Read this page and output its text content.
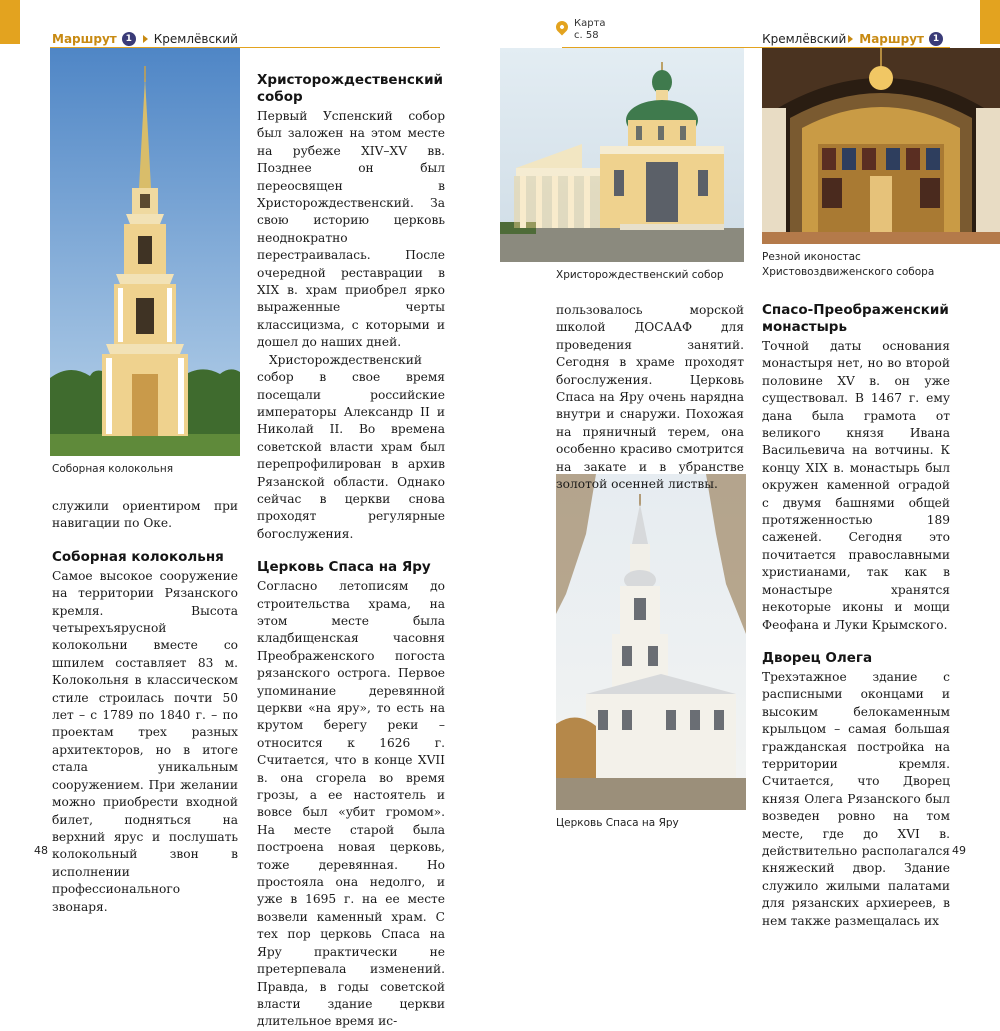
Маршрут 1	Кремлёвский	Кремлёвский Маршрут 1
Карта
с. 58
Соборная колокольня
Христорождественский собор
Резной иконостас
Христовоздвиженского собора
Церковь Спаса на Яру

служили ориентиром при навигации по Оке.

Соборная колокольня

Самое высокое сооружение на территории Рязанского кремля. Высота четырехъярусной колокольни вместе со шпилем составляет 83 м. Колокольня в классическом стиле строилась почти 50 лет – с 1789 по 1840 г. – по проектам трех разных архитекторов, но в итоге стала уникальным сооружением. При желании можно приобрести входной билет, подняться на верхний ярус и послушать колокольный звон в исполнении профессионального звонаря.

Христорождественский собор

Первый Успенский собор был заложен на этом месте на рубеже XIV–XV вв. Позднее он был переосвящен в Христорождественский. За свою историю церковь неоднократно перестраивалась. После очередной реставрации в XIX в. храм приобрел ярко выраженные черты классицизма, с которыми и дошел до наших дней.

Христорождественский собор в свое время посещали российские императоры Александр II и Николай II. Во времена советской власти храм был перепрофилирован в архив Рязанской области. Однако сейчас в церкви снова проходят регулярные богослужения.

Церковь Спаса на Яру

Согласно летописям до строительства храма, на этом месте была кладбищенская часовня Преображенского погоста рязанского острога. Первое упоминание деревянной церкви «на яру», то есть на крутом берегу реки – относится к 1626 г. Считается, что в конце XVII в. она сгорела во время грозы, а ее настоятель и вовсе был «убит громом». На месте старой была построена новая церковь, тоже деревянная. Но простояла она недолго, и уже в 1695 г. на ее месте возвели каменный храм. С тех пор церковь Спаса на Яру практически не претерпевала изменений. Правда, в годы советской власти здание церкви длительное время ис-

пользовалось морской школой ДОСААФ для проведения занятий. Сегодня в храме проходят богослужения. Церковь Спаса на Яру очень нарядна внутри и снаружи. Похожая на пряничный терем, она особенно красиво смотрится на закате и в убранстве золотой осенней листвы.

Спасо-Преображенский монастырь

Точной даты основания монастыря нет, но во второй половине XV в. он уже существовал. В 1467 г. ему дана была грамота от великого князя Ивана Васильевича на вотчины. К концу XIX в. монастырь был окружен каменной оградой с двумя башнями общей протяженностью 189 саженей. Сегодня это почитается православными христианами, так как в монастыре хранятся некоторые иконы и мощи Феофана и Луки Крымского.

Дворец Олега

Трехэтажное здание с расписными оконцами и высоким белокаменным крыльцом – самая большая гражданская постройка на территории кремля. Считается, что Дворец князя Олега Рязанского был возведен ровно на том месте, где до XVI в. действительно располагался княжеский двор. Здание служило жилыми палатами для рязанских архиереев, в нем также размещалась их

48	49
